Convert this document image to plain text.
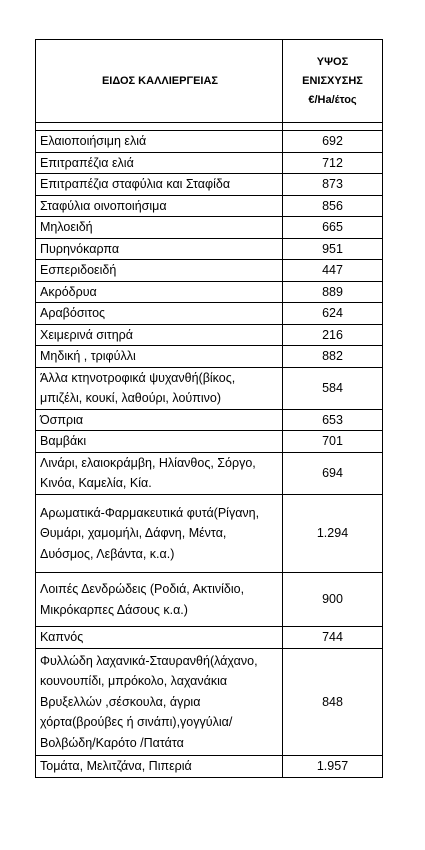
ΕΙΔΟΣ ΚΑΛΛΙΕΡΓΕΙΑΣ	ΥΨΟΣ
ΕΝΙΣΧΥΣΗΣ
€/Ha/έτος

Ελαιοποιήσιμη ελιά	692
Επιτραπέζια ελιά	712
Επιτραπέζια σταφύλια και Σταφίδα	873
Σταφύλια οινοποιήσιμα	856
Μηλοειδή	665
Πυρηνόκαρπα	951
Εσπεριδοειδή	447
Ακρόδρυα	889
Αραβόσιτος	624
Χειμερινά σιτηρά	216
Μηδική , τριφύλλι	882
Άλλα κτηνοτροφικά ψυχανθή(βίκος, μπιζέλι, κουκί, λαθούρι, λούπινο)	584
Όσπρια	653
Βαμβάκι	701
Λινάρι, ελαιοκράμβη, Ηλίανθος, Σόργο, Κινόα, Καμελία, Κία.	694
Αρωματικά-Φαρμακευτικά φυτά(Ρίγανη, Θυμάρι, χαμομήλι, Δάφνη, Μέντα, Δυόσμος, Λεβάντα, κ.α.)	1.294
Λοιπές Δενδρώδεις (Ροδιά, Ακτινίδιο, Μικρόκαρπες Δάσους κ.α.)	900
Καπνός	744
Φυλλώδη λαχανικά-Σταυρανθή(λάχανο, κουνουπίδι, μπρόκολο, λαχανάκια Βρυξελλών ,σέσκουλα, άγρια χόρτα(βρούβες ή σινάπι),γογγύλια/Βολβώδη/Καρότο /Πατάτα	848
Τομάτα, Μελιτζάνα, Πιπεριά	1.957
